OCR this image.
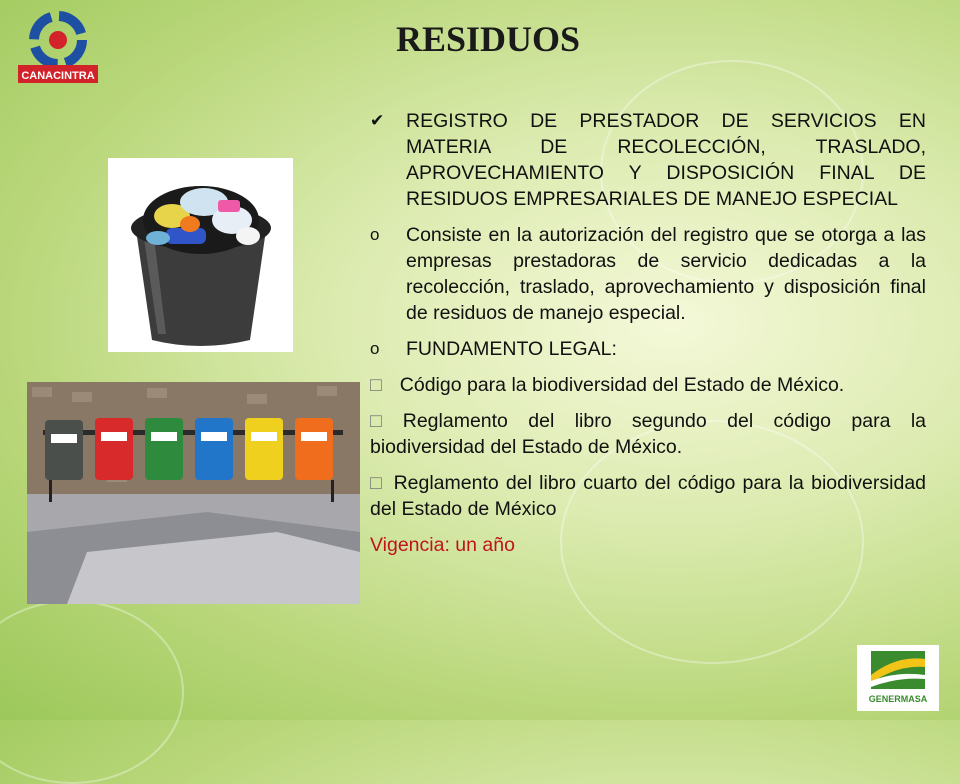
CANACINTRA
RESIDUOS
✔ REGISTRO DE PRESTADOR DE SERVICIOS EN MATERIA DE RECOLECCIÓN, TRASLADO, APROVECHAMIENTO Y DISPOSICIÓN FINAL DE RESIDUOS EMPRESARIALES DE MANEJO ESPECIAL
o Consiste en la autorización del registro que se otorga a las empresas prestadoras de servicio dedicadas a la recolección, traslado, aprovechamiento y disposición final de residuos de manejo especial.
o FUNDAMENTO LEGAL:

□ Código para la biodiversidad del Estado de México.

□ Reglamento del libro segundo del código para la biodiversidad del Estado de México.

□ Reglamento del libro cuarto del código para la biodiversidad del Estado de México

Vigencia: un año

GENERMASA
